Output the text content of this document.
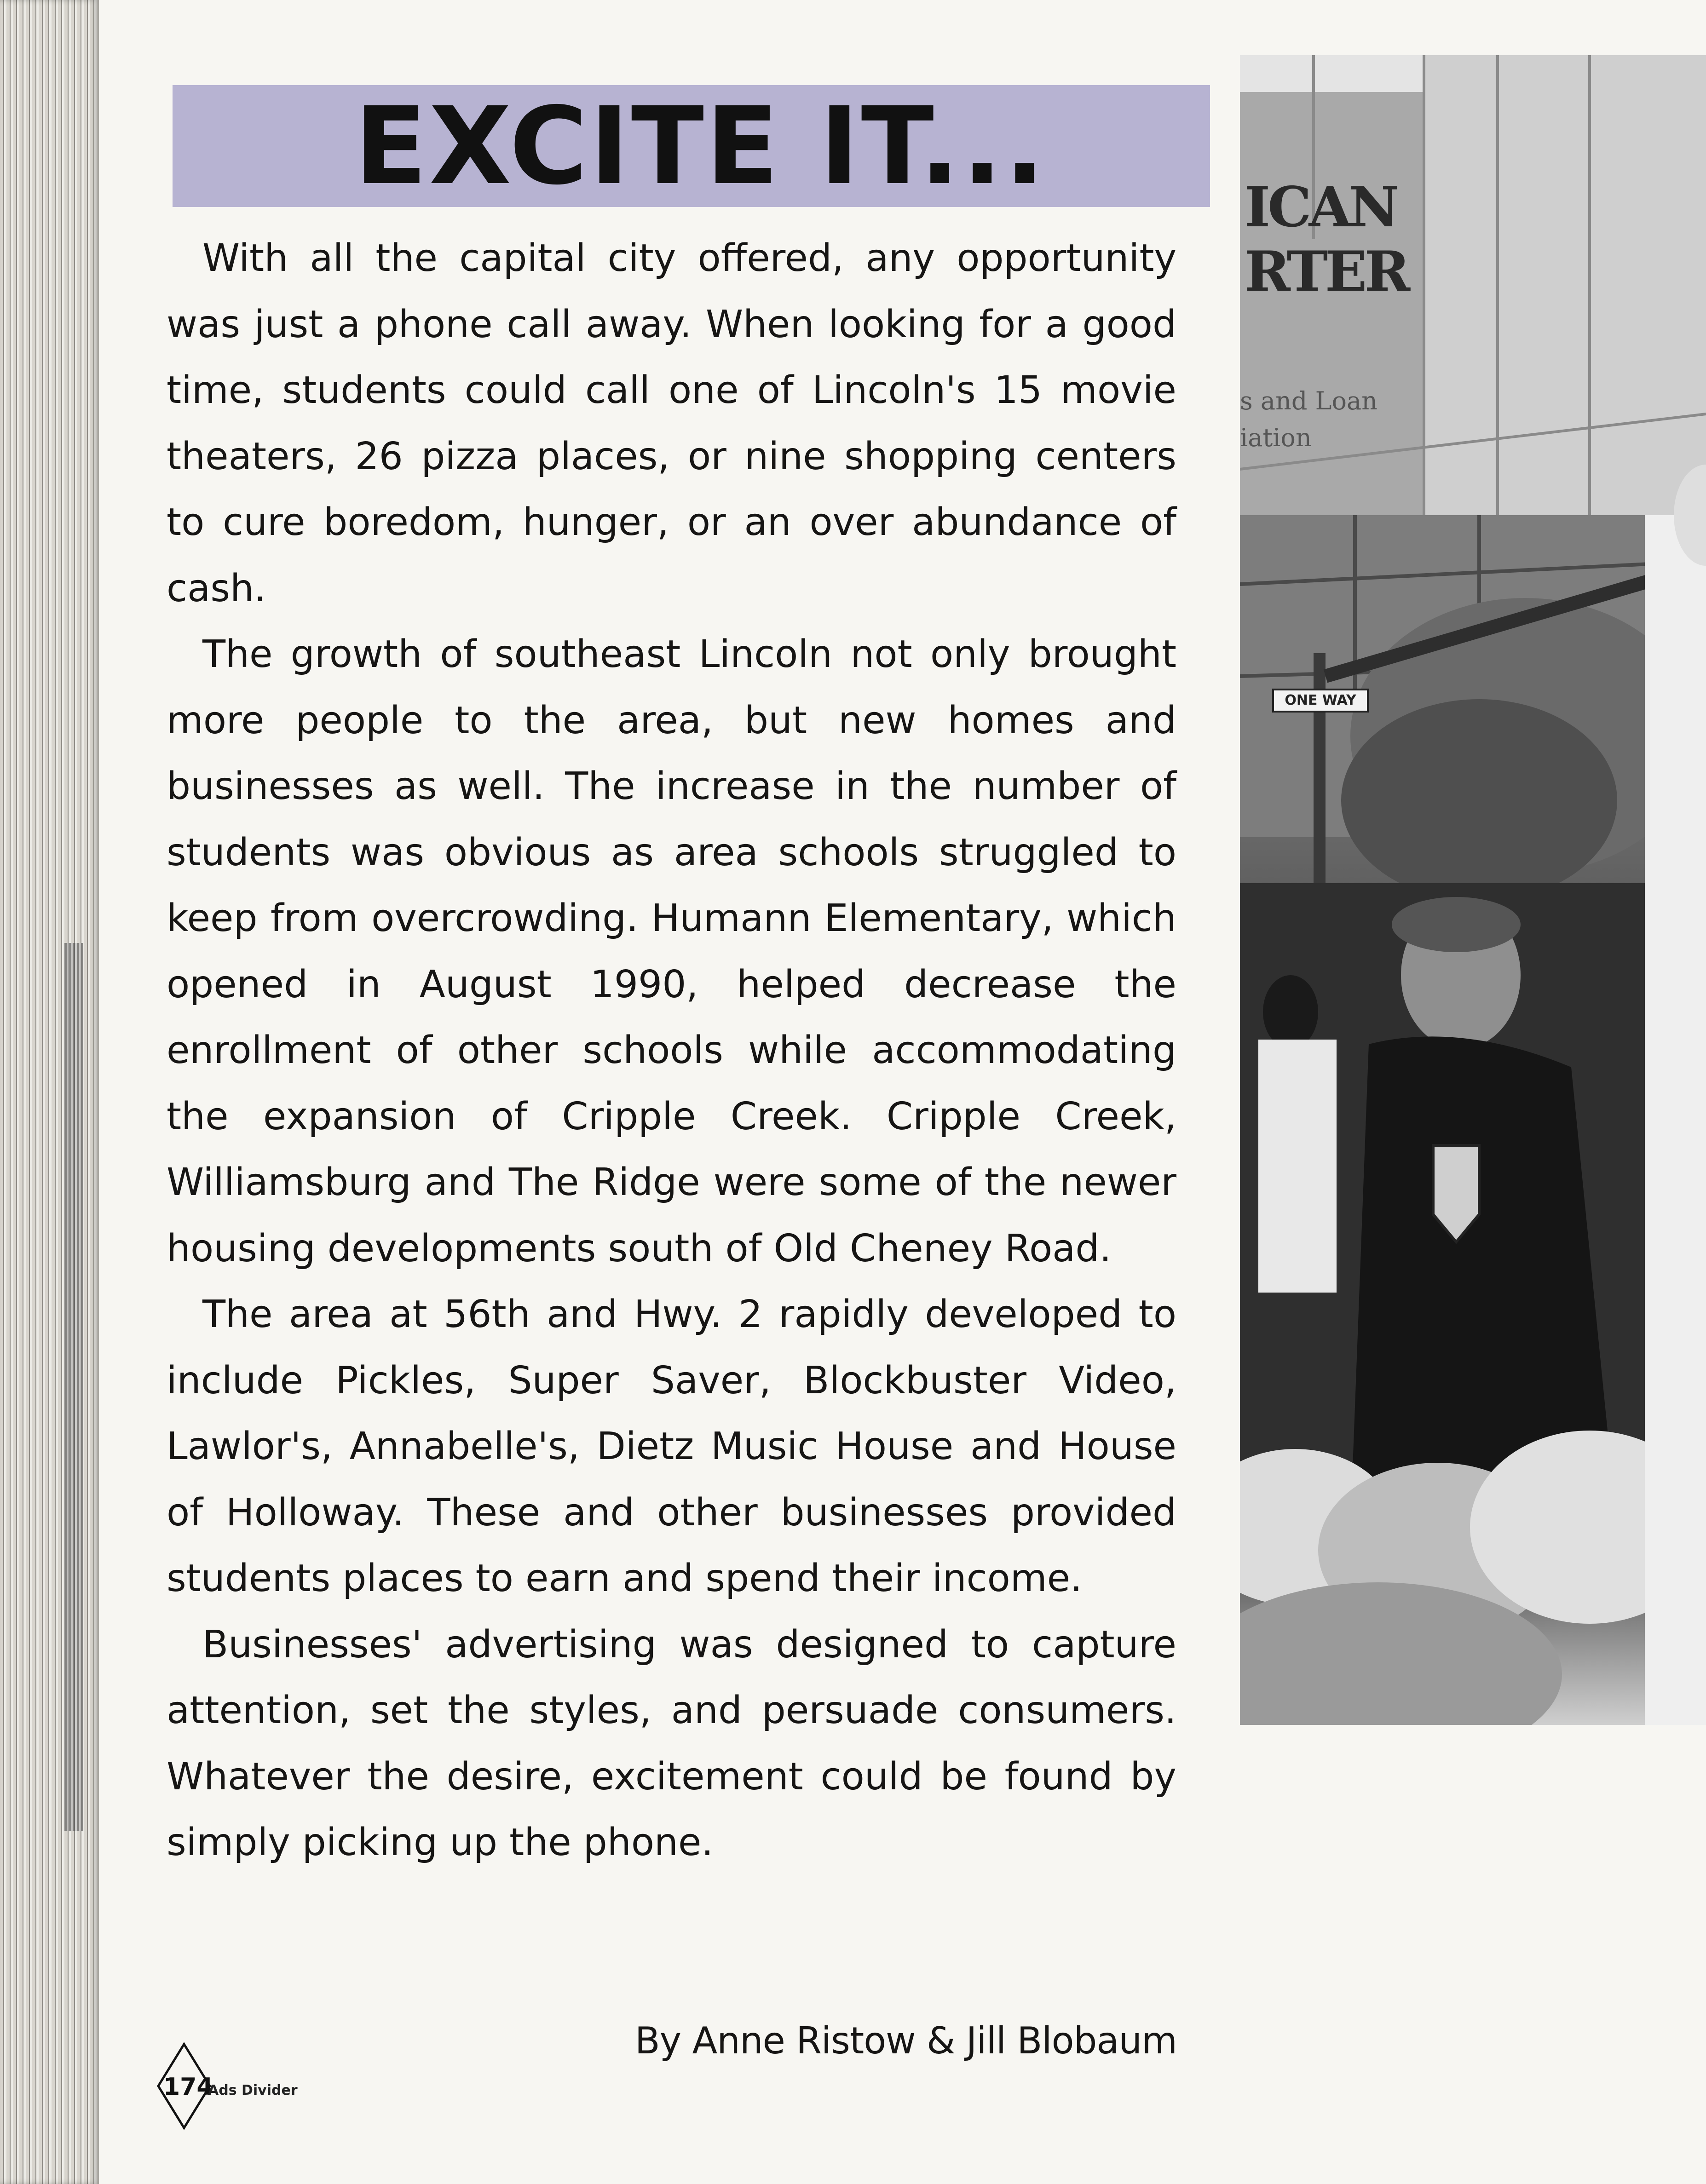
EXCITE IT...

With all the capital city offered, any opportunity was just a phone call away. When looking for a good time, students could call one of Lincoln's 15 movie theaters, 26 pizza places, or nine shopping centers to cure boredom, hunger, or an over abundance of cash.

The growth of southeast Lincoln not only brought more people to the area, but new homes and businesses as well. The increase in the number of students was obvious as area schools struggled to keep from overcrowding. Humann Elementary, which opened in August 1990, helped decrease the enrollment of other schools while accommodating the expansion of Cripple Creek. Cripple Creek, Williamsburg and The Ridge were some of the newer housing developments south of Old Cheney Road.

The area at 56th and Hwy. 2 rapidly developed to include Pickles, Super Saver, Blockbuster Video, Lawlor's, Annabelle's, Dietz Music House and House of Holloway. These and other businesses provided students places to earn and spend their income.

Businesses' advertising was designed to capture attention, set the styles, and persuade consumers. Whatever the desire, excitement could be found by simply picking up the phone.

By Anne Ristow & Jill Blobaum
ICAN
RTER
s and Loan
iation
ONE WAY
174
Ads Divider
